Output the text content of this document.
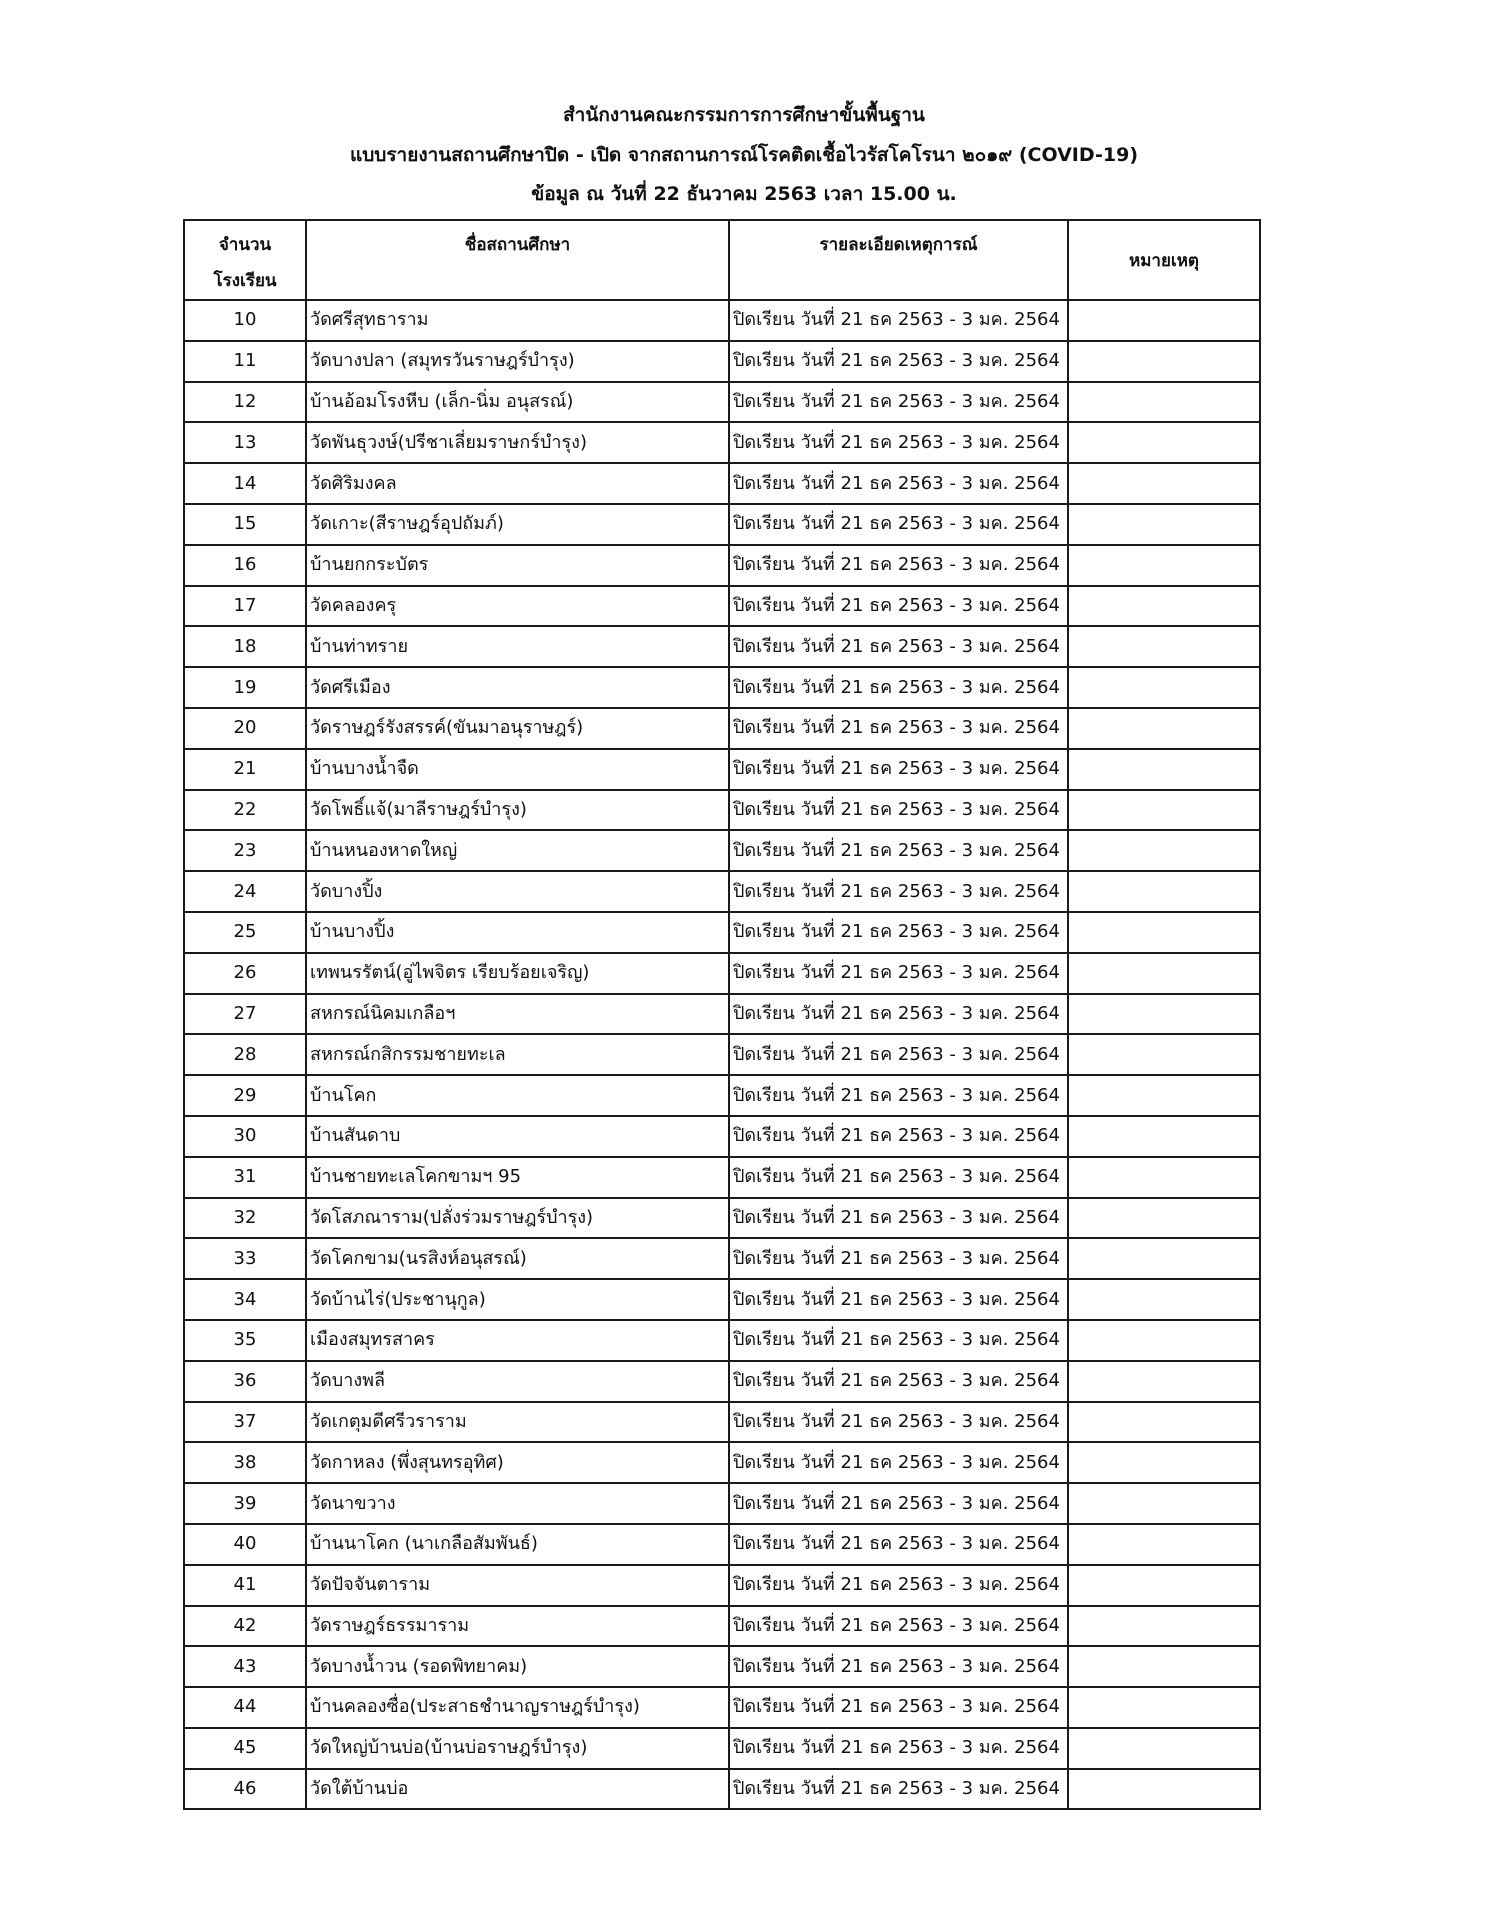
สำนักงานคณะกรรมการการศึกษาขั้นพื้นฐาน
แบบรายงานสถานศึกษาปิด - เปิด จากสถานการณ์โรคติดเชื้อไวรัสโคโรนา ๒๐๑๙ (COVID-19)
ข้อมูล ณ วันที่ 22 ธันวาคม 2563 เวลา 15.00 น.
จำนวน
โรงเรียน	ชื่อสถานศึกษา	รายละเอียดเหตุการณ์	หมายเหตุ
10	วัดศรีสุทธาราม	ปิดเรียน วันที่ 21 ธค 2563 - 3 มค. 2564	
11	วัดบางปลา (สมุทรวันราษฎร์บำรุง)	ปิดเรียน วันที่ 21 ธค 2563 - 3 มค. 2564	
12	บ้านอ้อมโรงหีบ (เล็ก-นิ่ม อนุสรณ์)	ปิดเรียน วันที่ 21 ธค 2563 - 3 มค. 2564	
13	วัดพันธุวงษ์(ปรีชาเลี่ยมราษกร์บำรุง)	ปิดเรียน วันที่ 21 ธค 2563 - 3 มค. 2564	
14	วัดศิริมงคล	ปิดเรียน วันที่ 21 ธค 2563 - 3 มค. 2564	
15	วัดเกาะ(สีราษฎร์อุปถัมภ์)	ปิดเรียน วันที่ 21 ธค 2563 - 3 มค. 2564	
16	บ้านยกกระบัตร	ปิดเรียน วันที่ 21 ธค 2563 - 3 มค. 2564	
17	วัดคลองครุ	ปิดเรียน วันที่ 21 ธค 2563 - 3 มค. 2564	
18	บ้านท่าทราย	ปิดเรียน วันที่ 21 ธค 2563 - 3 มค. 2564	
19	วัดศรีเมือง	ปิดเรียน วันที่ 21 ธค 2563 - 3 มค. 2564	
20	วัดราษฎร์รังสรรค์(ขันมาอนุราษฎร์)	ปิดเรียน วันที่ 21 ธค 2563 - 3 มค. 2564	
21	บ้านบางน้ำจืด	ปิดเรียน วันที่ 21 ธค 2563 - 3 มค. 2564	
22	วัดโพธิ์แจ้(มาลีราษฎร์บำรุง)	ปิดเรียน วันที่ 21 ธค 2563 - 3 มค. 2564	
23	บ้านหนองหาดใหญ่	ปิดเรียน วันที่ 21 ธค 2563 - 3 มค. 2564	
24	วัดบางปิ้ง	ปิดเรียน วันที่ 21 ธค 2563 - 3 มค. 2564	
25	บ้านบางปิ้ง	ปิดเรียน วันที่ 21 ธค 2563 - 3 มค. 2564	
26	เทพนรรัตน์(อู่ไพจิตร เรียบร้อยเจริญ)	ปิดเรียน วันที่ 21 ธค 2563 - 3 มค. 2564	
27	สหกรณ์นิคมเกลือฯ	ปิดเรียน วันที่ 21 ธค 2563 - 3 มค. 2564	
28	สหกรณ์กสิกรรมชายทะเล	ปิดเรียน วันที่ 21 ธค 2563 - 3 มค. 2564	
29	บ้านโคก	ปิดเรียน วันที่ 21 ธค 2563 - 3 มค. 2564	
30	บ้านสันดาบ	ปิดเรียน วันที่ 21 ธค 2563 - 3 มค. 2564	
31	บ้านชายทะเลโคกขามฯ 95	ปิดเรียน วันที่ 21 ธค 2563 - 3 มค. 2564	
32	วัดโสภณาราม(ปลั่งร่วมราษฎร์บำรุง)	ปิดเรียน วันที่ 21 ธค 2563 - 3 มค. 2564	
33	วัดโคกขาม(นรสิงห์อนุสรณ์)	ปิดเรียน วันที่ 21 ธค 2563 - 3 มค. 2564	
34	วัดบ้านไร่(ประชานุกูล)	ปิดเรียน วันที่ 21 ธค 2563 - 3 มค. 2564	
35	เมืองสมุทรสาคร	ปิดเรียน วันที่ 21 ธค 2563 - 3 มค. 2564	
36	วัดบางพลี	ปิดเรียน วันที่ 21 ธค 2563 - 3 มค. 2564	
37	วัดเกตุมดีศรีวราราม	ปิดเรียน วันที่ 21 ธค 2563 - 3 มค. 2564	
38	วัดกาหลง (พึ่งสุนทรอุทิศ)	ปิดเรียน วันที่ 21 ธค 2563 - 3 มค. 2564	
39	วัดนาขวาง	ปิดเรียน วันที่ 21 ธค 2563 - 3 มค. 2564	
40	บ้านนาโคก (นาเกลือสัมพันธ์)	ปิดเรียน วันที่ 21 ธค 2563 - 3 มค. 2564	
41	วัดปัจจันตาราม	ปิดเรียน วันที่ 21 ธค 2563 - 3 มค. 2564	
42	วัดราษฎร์ธรรมาราม	ปิดเรียน วันที่ 21 ธค 2563 - 3 มค. 2564	
43	วัดบางน้ำวน (รอดพิทยาคม)	ปิดเรียน วันที่ 21 ธค 2563 - 3 มค. 2564	
44	บ้านคลองซื่อ(ประสาธชำนาญราษฎร์บำรุง)	ปิดเรียน วันที่ 21 ธค 2563 - 3 มค. 2564	
45	วัดใหญ่บ้านบ่อ(บ้านบ่อราษฎร์บำรุง)	ปิดเรียน วันที่ 21 ธค 2563 - 3 มค. 2564	
46	วัดใต้บ้านบ่อ	ปิดเรียน วันที่ 21 ธค 2563 - 3 มค. 2564	
